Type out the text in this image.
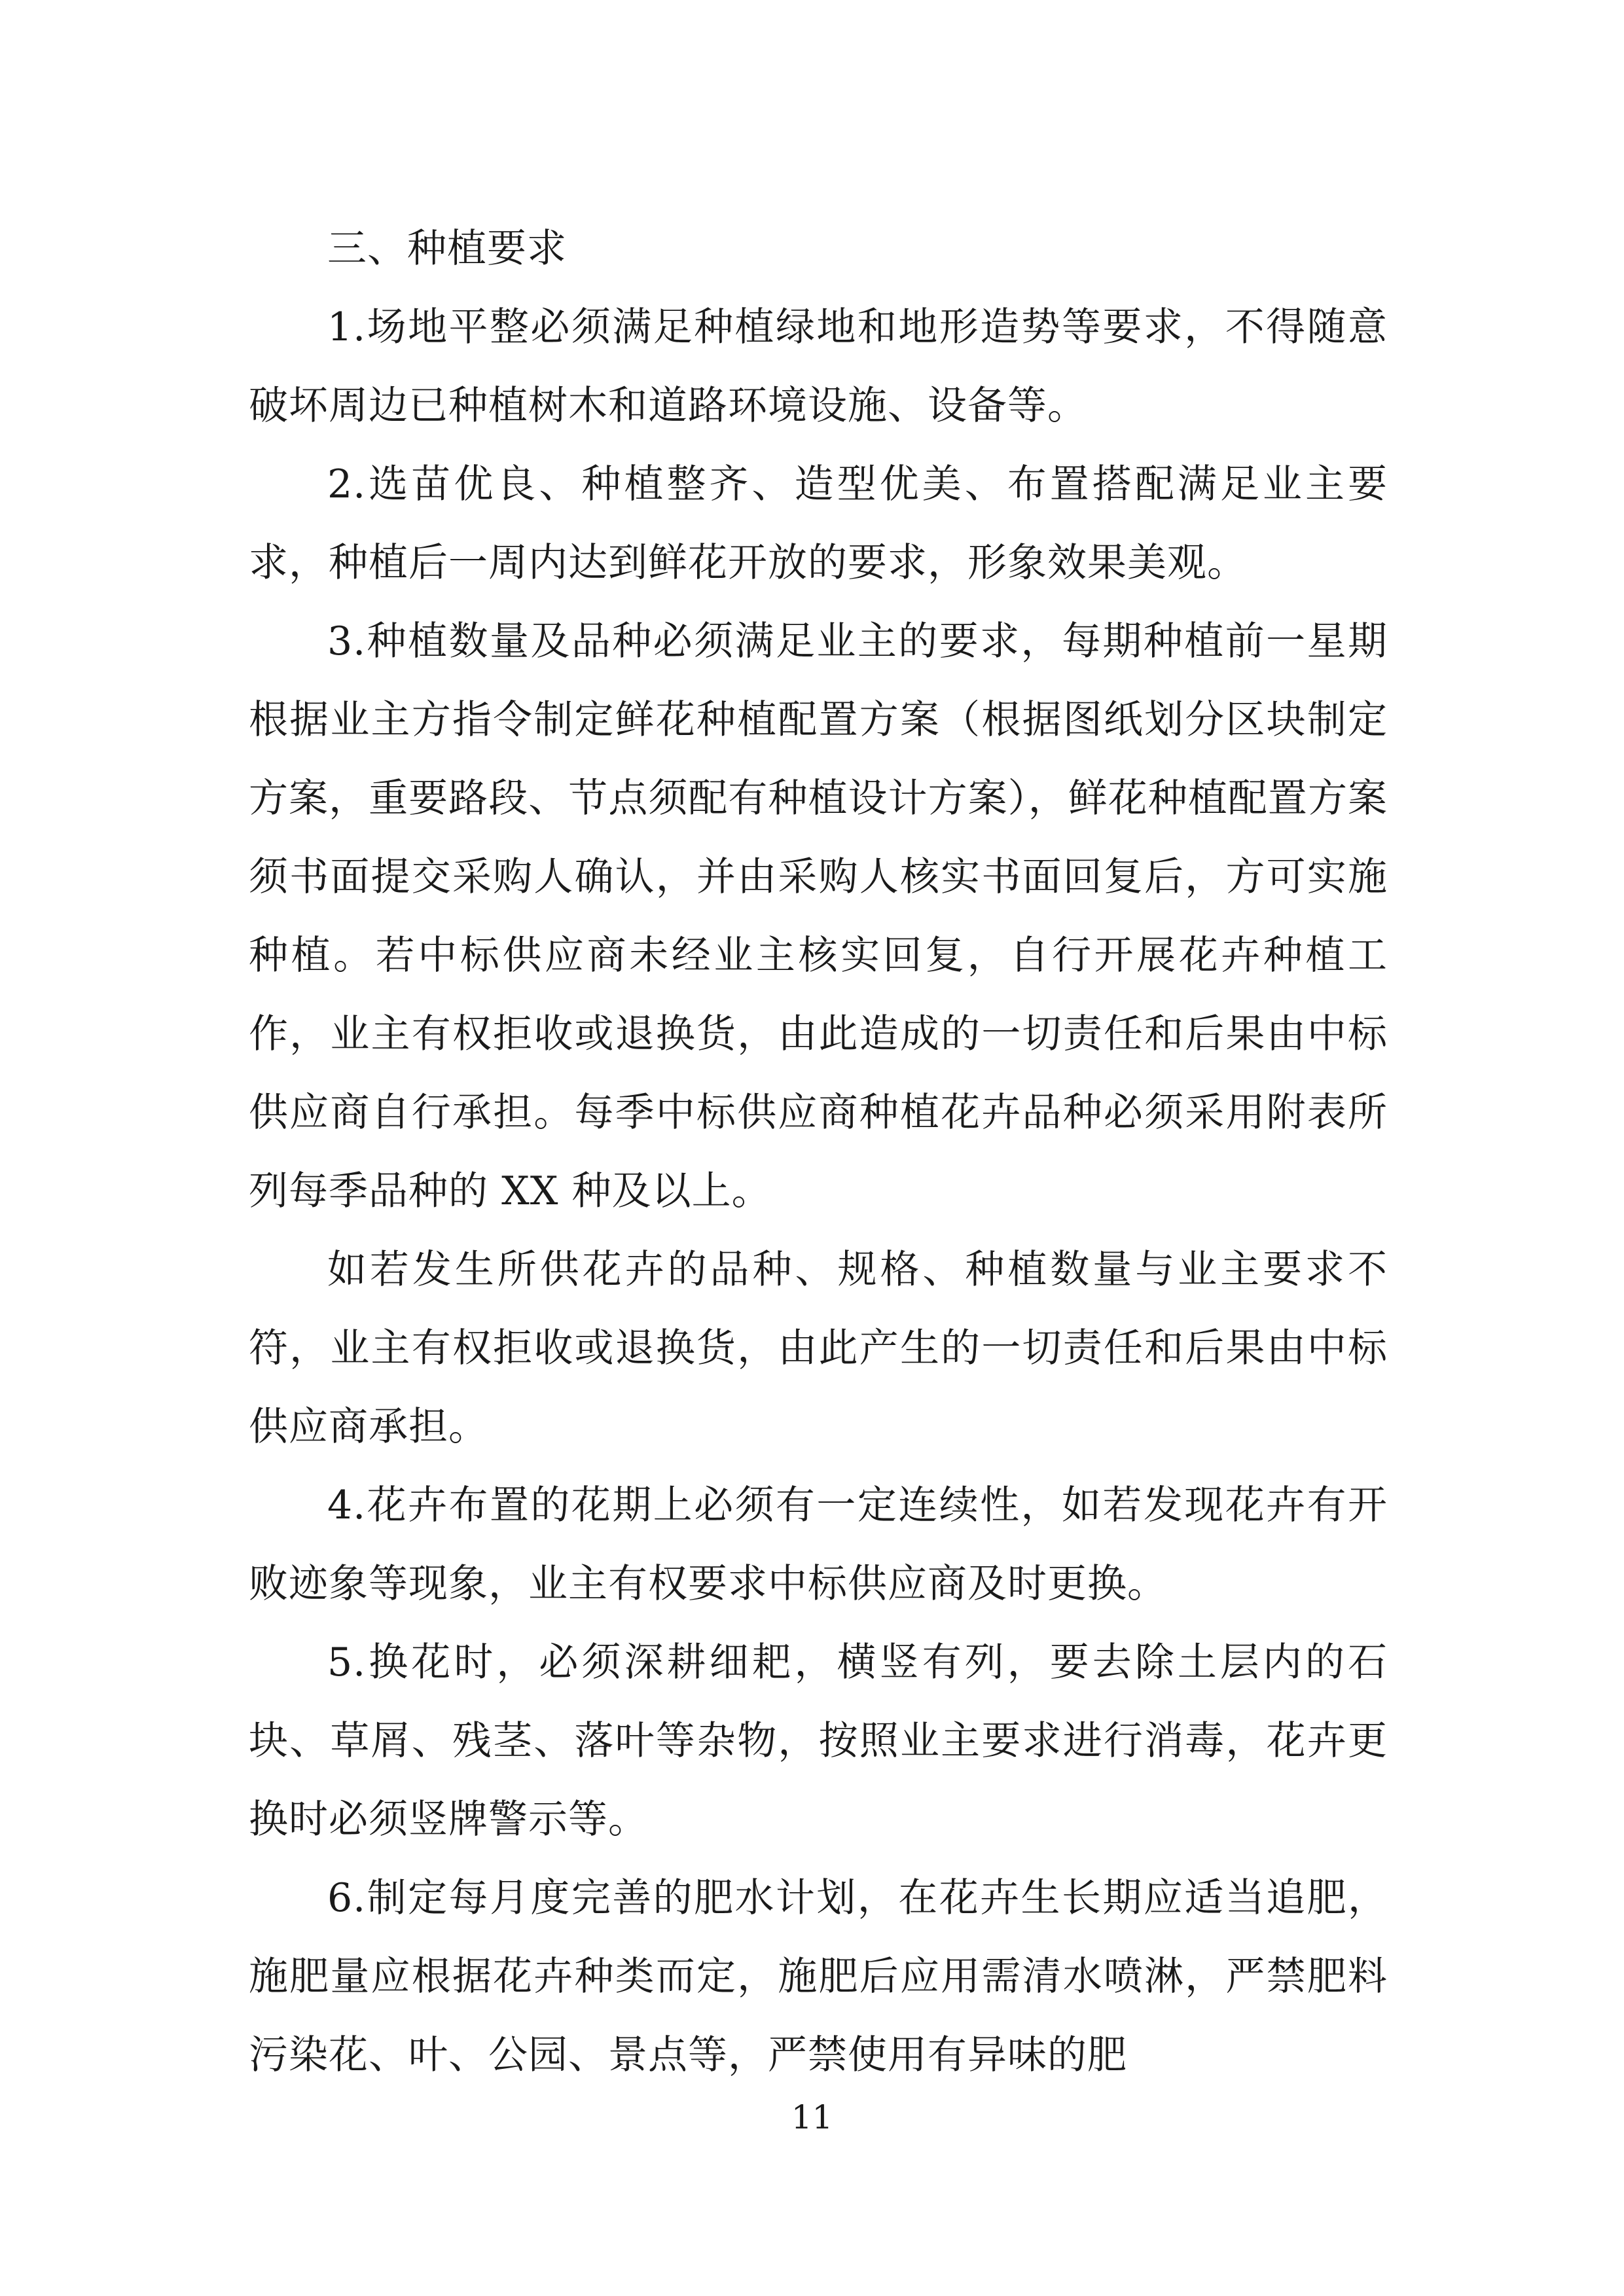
三、种植要求

1.场地平整必须满足种植绿地和地形造势等要求，不得随意破坏周边已种植树木和道路环境设施、设备等。

2.选苗优良、种植整齐、造型优美、布置搭配满足业主要求，种植后一周内达到鲜花开放的要求，形象效果美观。

3.种植数量及品种必须满足业主的要求，每期种植前一星期根据业主方指令制定鲜花种植配置方案（根据图纸划分区块制定方案，重要路段、节点须配有种植设计方案），鲜花种植配置方案须书面提交采购人确认，并由采购人核实书面回复后，方可实施种植。若中标供应商未经业主核实回复，自行开展花卉种植工作，业主有权拒收或退换货，由此造成的一切责任和后果由中标供应商自行承担。每季中标供应商种植花卉品种必须采用附表所列每季品种的 XX 种及以上。

如若发生所供花卉的品种、规格、种植数量与业主要求不符，业主有权拒收或退换货，由此产生的一切责任和后果由中标供应商承担。

4.花卉布置的花期上必须有一定连续性，如若发现花卉有开败迹象等现象，业主有权要求中标供应商及时更换。

5.换花时，必须深耕细耙，横竖有列，要去除土层内的石块、草屑、残茎、落叶等杂物，按照业主要求进行消毒，花卉更换时必须竖牌警示等。

6.制定每月度完善的肥水计划，在花卉生长期应适当追肥，施肥量应根据花卉种类而定，施肥后应用需清水喷淋，严禁肥料污染花、叶、公园、景点等，严禁使用有异味的肥

11
